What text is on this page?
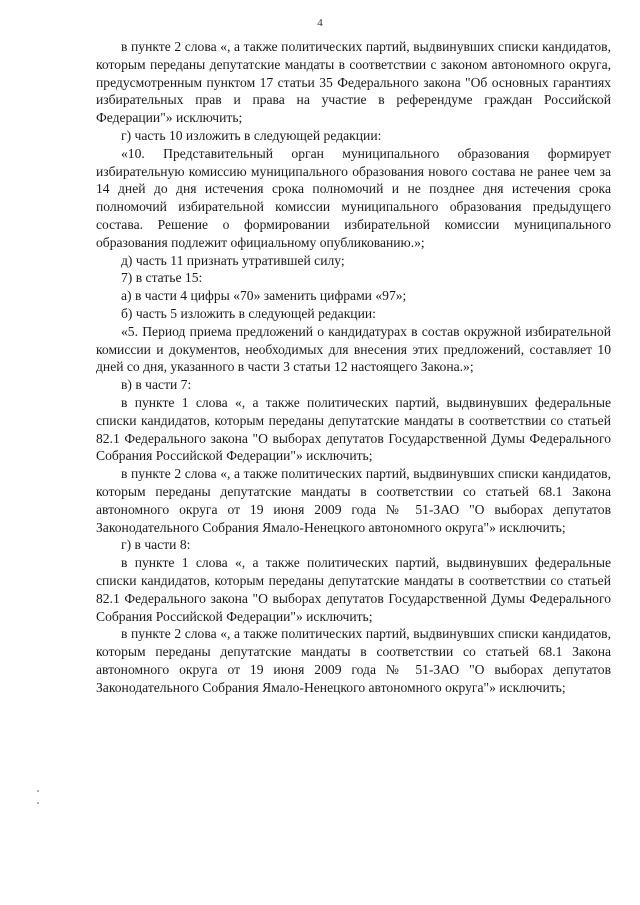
4

в пункте 2 слова «, а также политических партий, выдвинувших списки кандидатов, которым переданы депутатские мандаты в соответствии с законом автономного округа, предусмотренным пунктом 17 статьи 35 Федерального закона "Об основных гарантиях избирательных прав и права на участие в референдуме граждан Российской Федерации"» исключить;

г) часть 10 изложить в следующей редакции:

«10. Представительный орган муниципального образования формирует избирательную комиссию муниципального образования нового состава не ранее чем за 14 дней до дня истечения срока полномочий и не позднее дня истечения срока полномочий избирательной комиссии муниципального образования предыдущего состава. Решение о формировании избирательной комиссии муниципального образования подлежит официальному опубликованию.»;

д) часть 11 признать утратившей силу;

7) в статье 15:

а) в части 4 цифры «70» заменить цифрами «97»;

б) часть 5 изложить в следующей редакции:

«5. Период приема предложений о кандидатурах в состав окружной избирательной комиссии и документов, необходимых для внесения этих предложений, составляет 10 дней со дня, указанного в части 3 статьи 12 настоящего Закона.»;

в) в части 7:

в пункте 1 слова «, а также политических партий, выдвинувших федеральные списки кандидатов, которым переданы депутатские мандаты в соответствии со статьей 82.1 Федерального закона "О выборах депутатов Государственной Думы Федерального Собрания Российской Федерации"» исключить;

в пункте 2 слова «, а также политических партий, выдвинувших списки кандидатов, которым переданы депутатские мандаты в соответствии со статьей 68.1 Закона автономного округа от 19 июня 2009 года № 51-ЗАО "О выборах депутатов Законодательного Собрания Ямало-Ненецкого автономного округа"» исключить;

г) в части 8:

в пункте 1 слова «, а также политических партий, выдвинувших федеральные списки кандидатов, которым переданы депутатские мандаты в соответствии со статьей 82.1 Федерального закона "О выборах депутатов Государственной Думы Федерального Собрания Российской Федерации"» исключить;

в пункте 2 слова «, а также политических партий, выдвинувших списки кандидатов, которым переданы депутатские мандаты в соответствии со статьей 68.1 Закона автономного округа от 19 июня 2009 года № 51-ЗАО "О выборах депутатов Законодательного Собрания Ямало-Ненецкого автономного округа"» исключить;
